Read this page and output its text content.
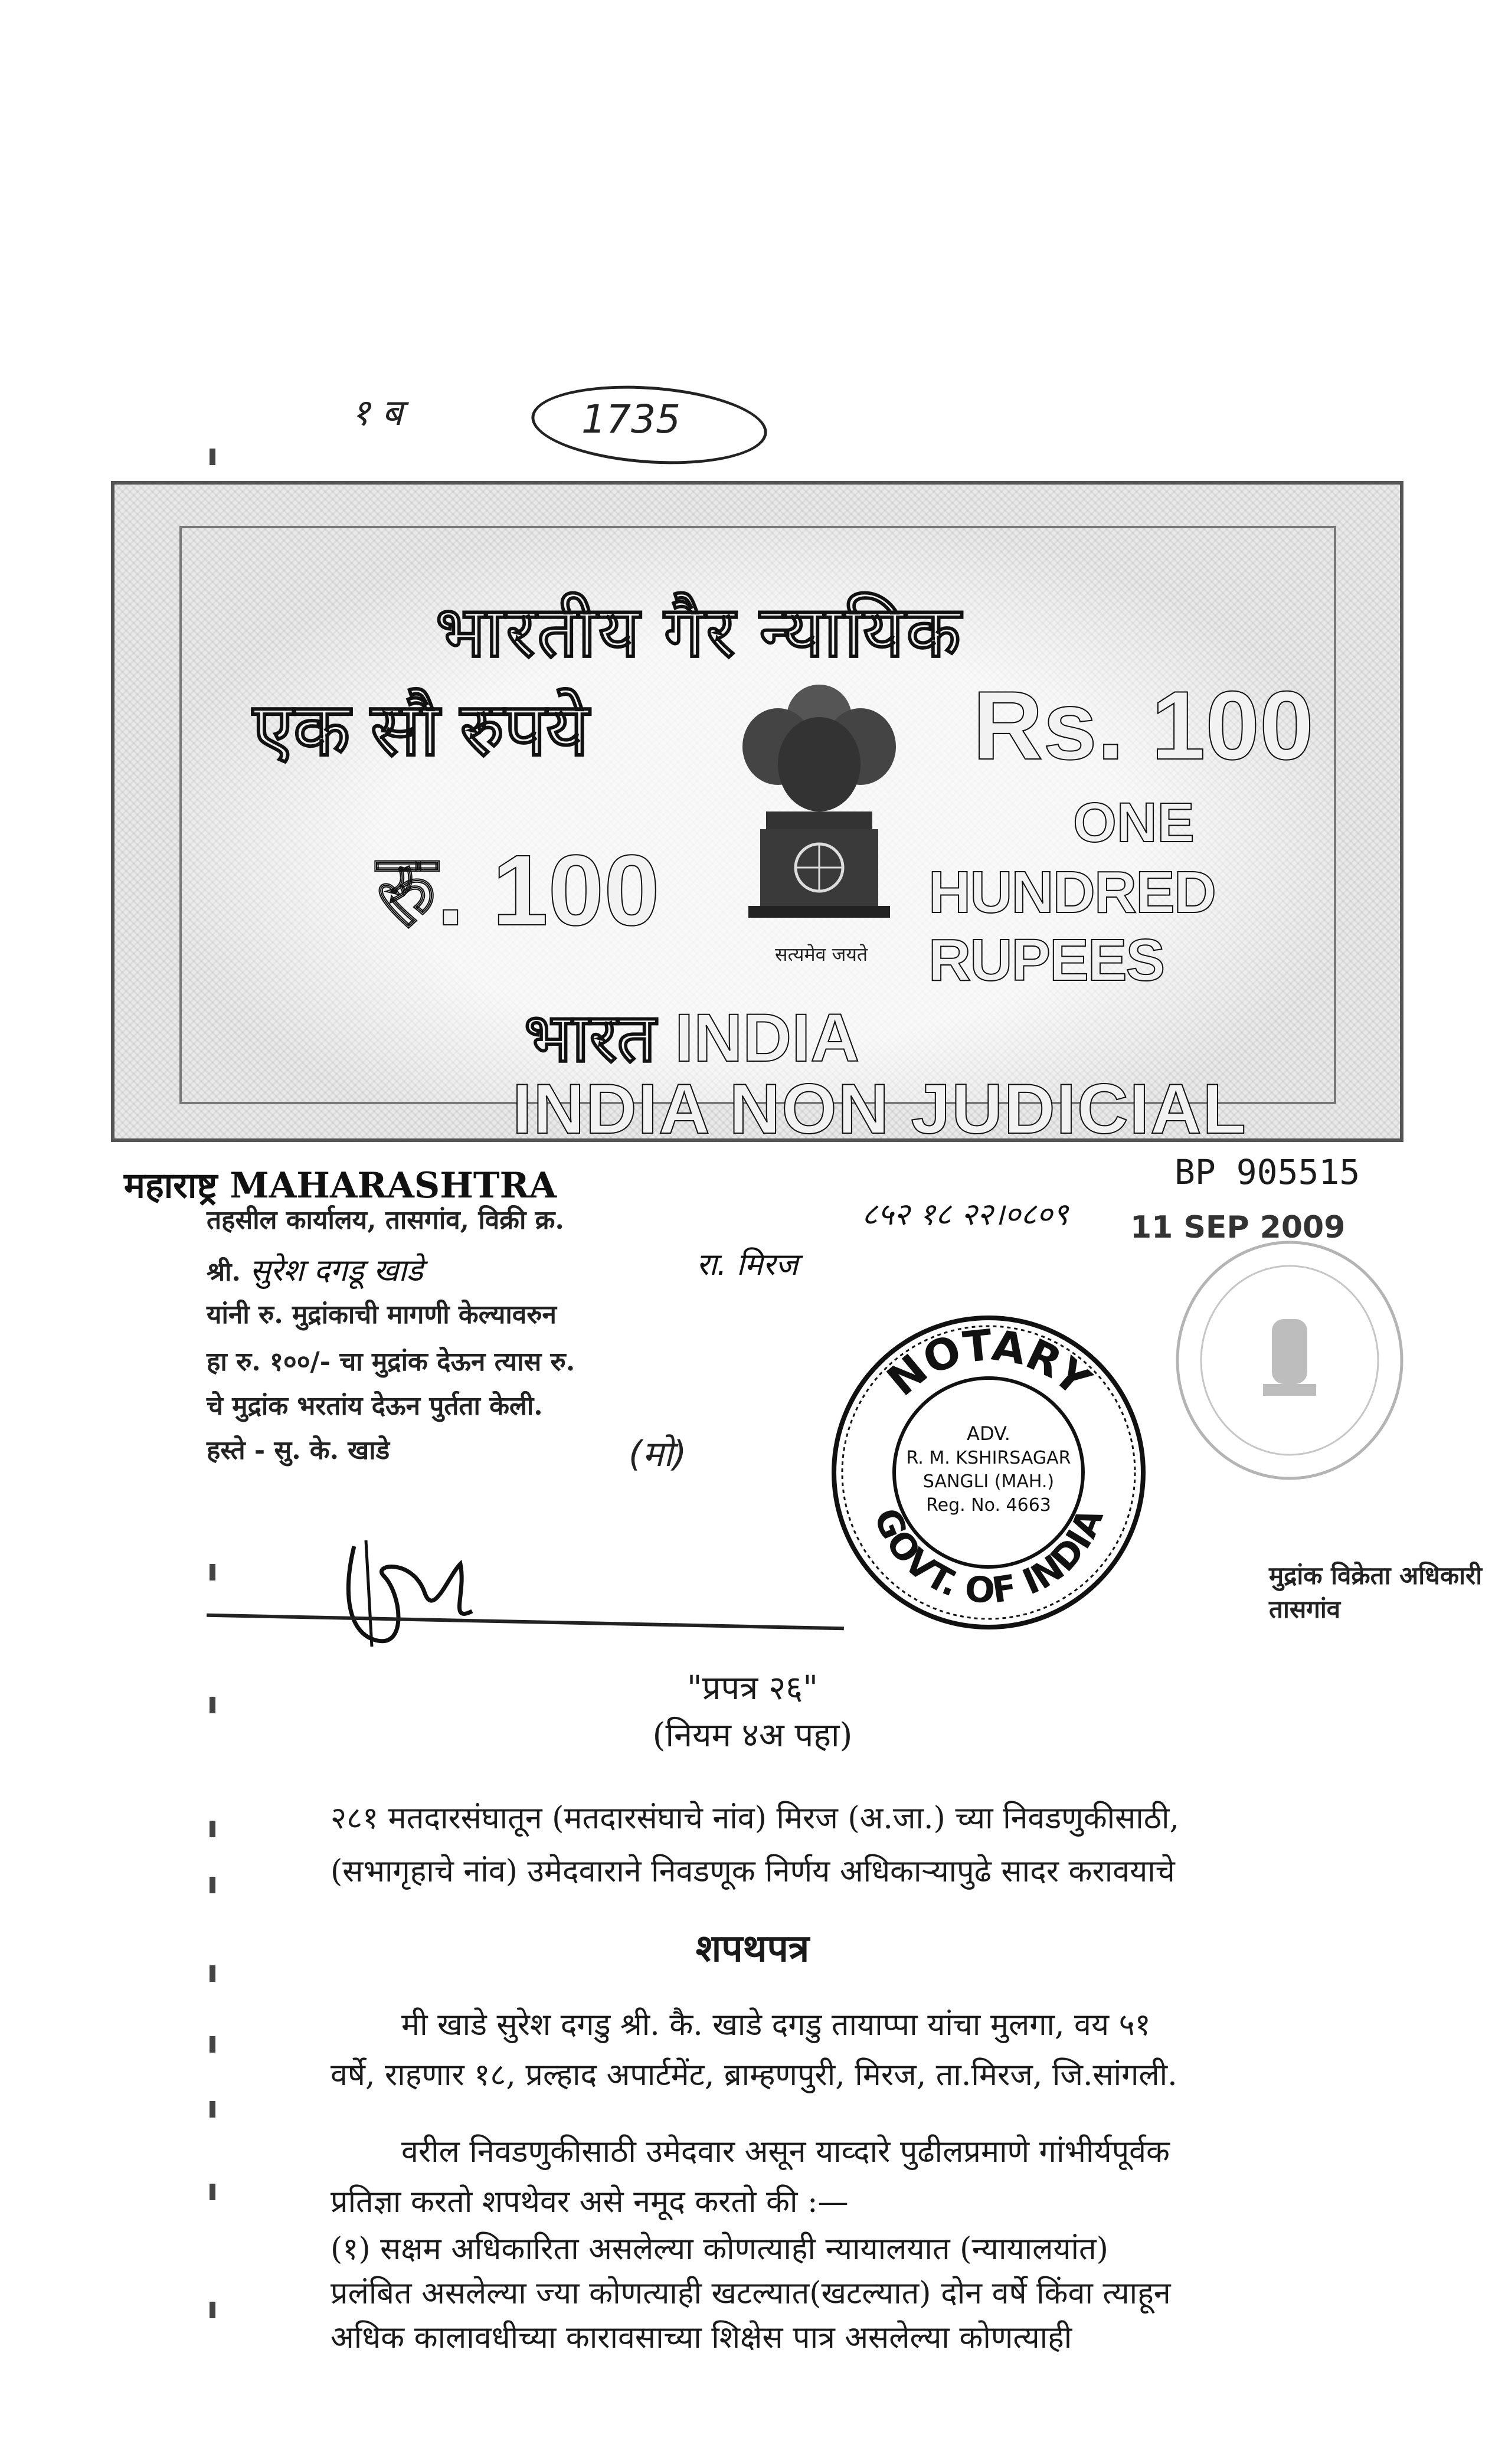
१ ब	1735
भारतीय गैर न्यायिक
एक सौ रुपये	Rs. 100
रु. 100
ONE
HUNDRED RUPEES
सत्यमेव जयते
भारत INDIA
INDIA NON JUDICIAL
महाराष्ट्र MAHARASHTRA	BP 905515
11 SEP 2009
तहसील कार्यालय, तासगांव, विक्री क्र.	८५२ १८ २२।०८०९
श्री. सुरेश दगडू खाडे	रा. मिरज
यांनी रु. मुद्रांकाची मागणी केल्यावरुन
हा रु. १००/- चा मुद्रांक देऊन त्यास रु.
चे मुद्रांक भरतांय देऊन पुर्तता केली.
हस्ते - सु. के. खाडे	(मो)
मुद्रांक विक्रेता अधिकारी तासगांव
NOTARY
GOVT. OF INDIA
ADV.
R. M. KSHIRSAGAR
SANGLI (MAH.)
Reg. No. 4663
"प्रपत्र २६"
(नियम ४अ पहा)
२८१ मतदारसंघातून (मतदारसंघाचे नांव) मिरज (अ.जा.) च्या निवडणुकीसाठी,
(सभागृहाचे नांव) उमेदवाराने निवडणूक निर्णय अधिकाऱ्यापुढे सादर करावयाचे
शपथपत्र
मी खाडे सुरेश दगडु श्री. कै. खाडे दगडु तायाप्पा यांचा मुलगा, वय ५१
वर्षे, राहणार १८, प्रल्हाद अपार्टमेंट, ब्राम्हणपुरी, मिरज, ता.मिरज, जि.सांगली.
वरील निवडणुकीसाठी उमेदवार असून याव्दारे पुढीलप्रमाणे गांभीर्यपूर्वक
प्रतिज्ञा करतो शपथेवर असे नमूद करतो की :—
(१) सक्षम अधिकारिता असलेल्या कोणत्याही न्यायालयात (न्यायालयांत)
प्रलंबित असलेल्या ज्या कोणत्याही खटल्यात(खटल्यात) दोन वर्षे किंवा त्याहून
अधिक कालावधीच्या कारावसाच्या शिक्षेस पात्र असलेल्या कोणत्याही
